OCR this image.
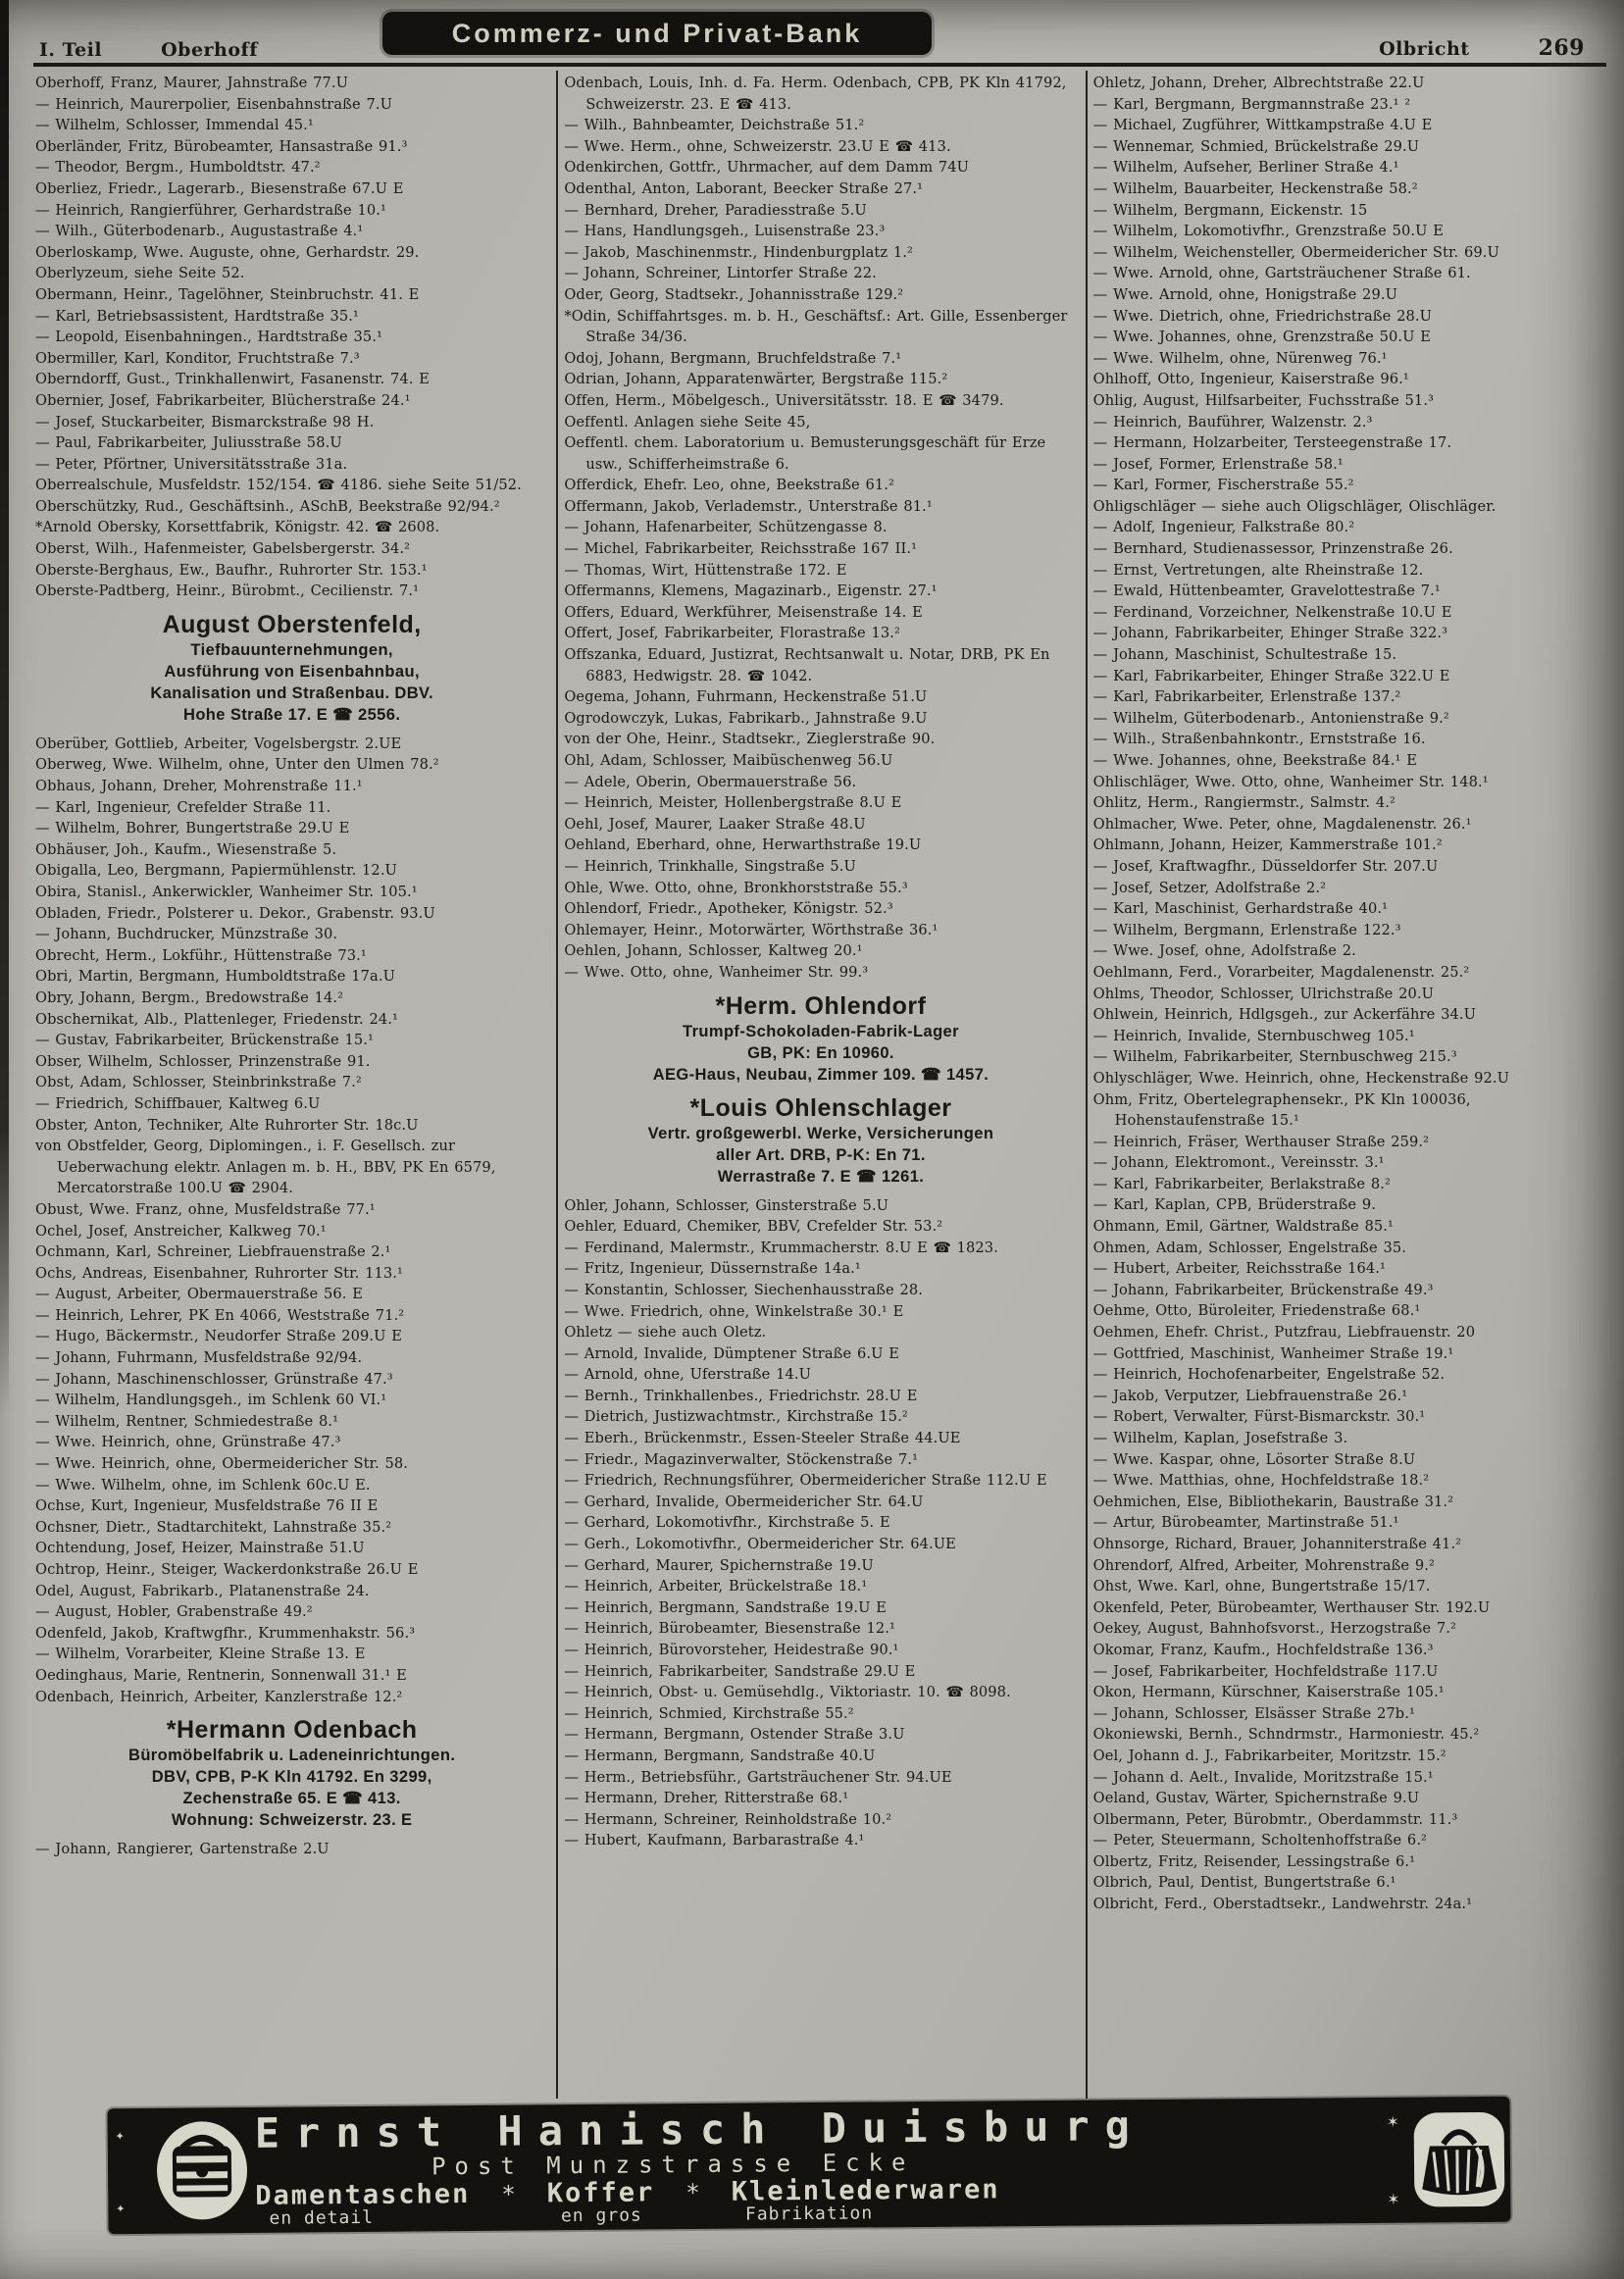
I. Teil	Oberhoff
Commerz- und Privat-Bank
Olbricht	269

Oberhoff, Franz, Maurer, Jahnstraße 77.U

— Heinrich, Maurerpolier, Eisenbahnstraße 7.U

— Wilhelm, Schlosser, Immendal 45.¹

Oberländer, Fritz, Bürobeamter, Hansastraße 91.³

— Theodor, Bergm., Humboldtstr. 47.²

Oberliez, Friedr., Lagerarb., Biesenstraße 67.U E

— Heinrich, Rangierführer, Gerhardstraße 10.¹

— Wilh., Güterbodenarb., Augustastraße 4.¹

Oberloskamp, Wwe. Auguste, ohne, Gerhardstr. 29.

Oberlyzeum, siehe Seite 52.

Obermann, Heinr., Tagelöhner, Steinbruchstr. 41. E

— Karl, Betriebsassistent, Hardtstraße 35.¹

— Leopold, Eisenbahningen., Hardtstraße 35.¹

Obermiller, Karl, Konditor, Fruchtstraße 7.³

Oberndorff, Gust., Trinkhallenwirt, Fasanenstr. 74. E

Obernier, Josef, Fabrikarbeiter, Blücherstraße 24.¹

— Josef, Stuckarbeiter, Bismarckstraße 98 H.

— Paul, Fabrikarbeiter, Juliusstraße 58.U

— Peter, Pförtner, Universitätsstraße 31a.

Oberrealschule, Musfeldstr. 152/154. ☎ 4186. siehe Seite 51/52.

Oberschützky, Rud., Geschäftsinh., ASchB, Beekstraße 92/94.²

*Arnold Obersky, Korsettfabrik, Königstr. 42. ☎ 2608.

Oberst, Wilh., Hafenmeister, Gabelsbergerstr. 34.²

Oberste-Berghaus, Ew., Baufhr., Ruhrorter Str. 153.¹

Oberste-Padtberg, Heinr., Bürobmt., Cecilienstr. 7.¹

August Oberstenfeld,
Tiefbauunternehmungen,
Ausführung von Eisenbahnbau,
Kanalisation und Straßenbau. DBV.
Hohe Straße 17. E ☎ 2556.

Oberüber, Gottlieb, Arbeiter, Vogelsbergstr. 2.UE

Oberweg, Wwe. Wilhelm, ohne, Unter den Ulmen 78.²

Obhaus, Johann, Dreher, Mohrenstraße 11.¹

— Karl, Ingenieur, Crefelder Straße 11.

— Wilhelm, Bohrer, Bungertstraße 29.U E

Obhäuser, Joh., Kaufm., Wiesenstraße 5.

Obigalla, Leo, Bergmann, Papiermühlenstr. 12.U

Obira, Stanisl., Ankerwickler, Wanheimer Str. 105.¹

Obladen, Friedr., Polsterer u. Dekor., Grabenstr. 93.U

— Johann, Buchdrucker, Münzstraße 30.

Obrecht, Herm., Lokführ., Hüttenstraße 73.¹

Obri, Martin, Bergmann, Humboldtstraße 17a.U

Obry, Johann, Bergm., Bredowstraße 14.²

Obschernikat, Alb., Plattenleger, Friedenstr. 24.¹

— Gustav, Fabrikarbeiter, Brückenstraße 15.¹

Obser, Wilhelm, Schlosser, Prinzenstraße 91.

Obst, Adam, Schlosser, Steinbrinkstraße 7.²

— Friedrich, Schiffbauer, Kaltweg 6.U

Obster, Anton, Techniker, Alte Ruhrorter Str. 18c.U

von Obstfelder, Georg, Diplomingen., i. F. Gesellsch. zur Ueberwachung elektr. Anlagen m. b. H., BBV, PK En 6579, Mercatorstraße 100.U ☎ 2904.

Obust, Wwe. Franz, ohne, Musfeldstraße 77.¹

Ochel, Josef, Anstreicher, Kalkweg 70.¹

Ochmann, Karl, Schreiner, Liebfrauenstraße 2.¹

Ochs, Andreas, Eisenbahner, Ruhrorter Str. 113.¹

— August, Arbeiter, Obermauerstraße 56. E

— Heinrich, Lehrer, PK En 4066, Weststraße 71.²

— Hugo, Bäckermstr., Neudorfer Straße 209.U E

— Johann, Fuhrmann, Musfeldstraße 92/94.

— Johann, Maschinenschlosser, Grünstraße 47.³

— Wilhelm, Handlungsgeh., im Schlenk 60 VI.¹

— Wilhelm, Rentner, Schmiedestraße 8.¹

— Wwe. Heinrich, ohne, Grünstraße 47.³

— Wwe. Heinrich, ohne, Obermeidericher Str. 58.

— Wwe. Wilhelm, ohne, im Schlenk 60c.U E.

Ochse, Kurt, Ingenieur, Musfeldstraße 76 II E

Ochsner, Dietr., Stadtarchitekt, Lahnstraße 35.²

Ochtendung, Josef, Heizer, Mainstraße 51.U

Ochtrop, Heinr., Steiger, Wackerdonkstraße 26.U E

Odel, August, Fabrikarb., Platanenstraße 24.

— August, Hobler, Grabenstraße 49.²

Odenfeld, Jakob, Kraftwgfhr., Krummenhakstr. 56.³

— Wilhelm, Vorarbeiter, Kleine Straße 13. E

Oedinghaus, Marie, Rentnerin, Sonnenwall 31.¹ E

Odenbach, Heinrich, Arbeiter, Kanzlerstraße 12.²

*Hermann Odenbach
Büromöbelfabrik u. Ladeneinrichtungen.
DBV, CPB, P-K Kln 41792. En 3299,
Zechenstraße 65. E ☎ 413.
Wohnung: Schweizerstr. 23. E

— Johann, Rangierer, Gartenstraße 2.U

Odenbach, Louis, Inh. d. Fa. Herm. Odenbach, CPB, PK Kln 41792, Schweizerstr. 23. E ☎ 413.

— Wilh., Bahnbeamter, Deichstraße 51.²

— Wwe. Herm., ohne, Schweizerstr. 23.U E ☎ 413.

Odenkirchen, Gottfr., Uhrmacher, auf dem Damm 74U

Odenthal, Anton, Laborant, Beecker Straße 27.¹

— Bernhard, Dreher, Paradiesstraße 5.U

— Hans, Handlungsgeh., Luisenstraße 23.³

— Jakob, Maschinenmstr., Hindenburgplatz 1.²

— Johann, Schreiner, Lintorfer Straße 22.

Oder, Georg, Stadtsekr., Johannisstraße 129.²

*Odin, Schiffahrtsges. m. b. H., Geschäftsf.: Art. Gille, Essenberger Straße 34/36.

Odoj, Johann, Bergmann, Bruchfeldstraße 7.¹

Odrian, Johann, Apparatenwärter, Bergstraße 115.²

Offen, Herm., Möbelgesch., Universitätsstr. 18. E ☎ 3479.

Oeffentl. Anlagen siehe Seite 45,

Oeffentl. chem. Laboratorium u. Bemusterungsgeschäft für Erze usw., Schifferheimstraße 6.

Offerdick, Ehefr. Leo, ohne, Beekstraße 61.²

Offermann, Jakob, Verlademstr., Unterstraße 81.¹

— Johann, Hafenarbeiter, Schützengasse 8.

— Michel, Fabrikarbeiter, Reichsstraße 167 II.¹

— Thomas, Wirt, Hüttenstraße 172. E

Offermanns, Klemens, Magazinarb., Eigenstr. 27.¹

Offers, Eduard, Werkführer, Meisenstraße 14. E

Offert, Josef, Fabrikarbeiter, Florastraße 13.²

Offszanka, Eduard, Justizrat, Rechtsanwalt u. Notar, DRB, PK En 6883, Hedwigstr. 28. ☎ 1042.

Oegema, Johann, Fuhrmann, Heckenstraße 51.U

Ogrodowczyk, Lukas, Fabrikarb., Jahnstraße 9.U

von der Ohe, Heinr., Stadtsekr., Zieglerstraße 90.

Ohl, Adam, Schlosser, Maibüschenweg 56.U

— Adele, Oberin, Obermauerstraße 56.

— Heinrich, Meister, Hollenbergstraße 8.U E

Oehl, Josef, Maurer, Laaker Straße 48.U

Oehland, Eberhard, ohne, Herwarthstraße 19.U

— Heinrich, Trinkhalle, Singstraße 5.U

Ohle, Wwe. Otto, ohne, Bronkhorststraße 55.³

Ohlendorf, Friedr., Apotheker, Königstr. 52.³

Ohlemayer, Heinr., Motorwärter, Wörthstraße 36.¹

Oehlen, Johann, Schlosser, Kaltweg 20.¹

— Wwe. Otto, ohne, Wanheimer Str. 99.³

*Herm. Ohlendorf
Trumpf-Schokoladen-Fabrik-Lager
GB, PK: En 10960.
AEG-Haus, Neubau, Zimmer 109. ☎ 1457.
*Louis Ohlenschlager
Vertr. großgewerbl. Werke, Versicherungen
aller Art. DRB, P-K: En 71.
Werrastraße 7. E ☎ 1261.

Ohler, Johann, Schlosser, Ginsterstraße 5.U

Oehler, Eduard, Chemiker, BBV, Crefelder Str. 53.²

— Ferdinand, Malermstr., Krummacherstr. 8.U E ☎ 1823.

— Fritz, Ingenieur, Düssernstraße 14a.¹

— Konstantin, Schlosser, Siechenhausstraße 28.

— Wwe. Friedrich, ohne, Winkelstraße 30.¹ E

Ohletz — siehe auch Oletz.

— Arnold, Invalide, Dümptener Straße 6.U E

— Arnold, ohne, Uferstraße 14.U

— Bernh., Trinkhallenbes., Friedrichstr. 28.U E

— Dietrich, Justizwachtmstr., Kirchstraße 15.²

— Eberh., Brückenmstr., Essen-Steeler Straße 44.UE

— Friedr., Magazinverwalter, Stöckenstraße 7.¹

— Friedrich, Rechnungsführer, Obermeidericher Straße 112.U E

— Gerhard, Invalide, Obermeidericher Str. 64.U

— Gerhard, Lokomotivfhr., Kirchstraße 5. E

— Gerh., Lokomotivfhr., Obermeidericher Str. 64.UE

— Gerhard, Maurer, Spichernstraße 19.U

— Heinrich, Arbeiter, Brückelstraße 18.¹

— Heinrich, Bergmann, Sandstraße 19.U E

— Heinrich, Bürobeamter, Biesenstraße 12.¹

— Heinrich, Bürovorsteher, Heidestraße 90.¹

— Heinrich, Fabrikarbeiter, Sandstraße 29.U E

— Heinrich, Obst- u. Gemüsehdlg., Viktoriastr. 10. ☎ 8098.

— Heinrich, Schmied, Kirchstraße 55.²

— Hermann, Bergmann, Ostender Straße 3.U

— Hermann, Bergmann, Sandstraße 40.U

— Herm., Betriebsführ., Gartsträuchener Str. 94.UE

— Hermann, Dreher, Ritterstraße 68.¹

— Hermann, Schreiner, Reinholdstraße 10.²

— Hubert, Kaufmann, Barbarastraße 4.¹

Ohletz, Johann, Dreher, Albrechtstraße 22.U

— Karl, Bergmann, Bergmannstraße 23.¹ ²

— Michael, Zugführer, Wittkampstraße 4.U E

— Wennemar, Schmied, Brückelstraße 29.U

— Wilhelm, Aufseher, Berliner Straße 4.¹

— Wilhelm, Bauarbeiter, Heckenstraße 58.²

— Wilhelm, Bergmann, Eickenstr. 15

— Wilhelm, Lokomotivfhr., Grenzstraße 50.U E

— Wilhelm, Weichensteller, Obermeidericher Str. 69.U

— Wwe. Arnold, ohne, Gartsträuchener Straße 61.

— Wwe. Arnold, ohne, Honigstraße 29.U

— Wwe. Dietrich, ohne, Friedrichstraße 28.U

— Wwe. Johannes, ohne, Grenzstraße 50.U E

— Wwe. Wilhelm, ohne, Nürenweg 76.¹

Ohlhoff, Otto, Ingenieur, Kaiserstraße 96.¹

Ohlig, August, Hilfsarbeiter, Fuchsstraße 51.³

— Heinrich, Bauführer, Walzenstr. 2.³

— Hermann, Holzarbeiter, Tersteegenstraße 17.

— Josef, Former, Erlenstraße 58.¹

— Karl, Former, Fischerstraße 55.²

Ohligschläger — siehe auch Oligschläger, Olischläger.

— Adolf, Ingenieur, Falkstraße 80.²

— Bernhard, Studienassessor, Prinzenstraße 26.

— Ernst, Vertretungen, alte Rheinstraße 12.

— Ewald, Hüttenbeamter, Gravelottestraße 7.¹

— Ferdinand, Vorzeichner, Nelkenstraße 10.U E

— Johann, Fabrikarbeiter, Ehinger Straße 322.³

— Johann, Maschinist, Schultestraße 15.

— Karl, Fabrikarbeiter, Ehinger Straße 322.U E

— Karl, Fabrikarbeiter, Erlenstraße 137.²

— Wilhelm, Güterbodenarb., Antonienstraße 9.²

— Wilh., Straßenbahnkontr., Ernststraße 16.

— Wwe. Johannes, ohne, Beekstraße 84.¹ E

Ohlischläger, Wwe. Otto, ohne, Wanheimer Str. 148.¹

Ohlitz, Herm., Rangiermstr., Salmstr. 4.²

Ohlmacher, Wwe. Peter, ohne, Magdalenenstr. 26.¹

Ohlmann, Johann, Heizer, Kammerstraße 101.²

— Josef, Kraftwagfhr., Düsseldorfer Str. 207.U

— Josef, Setzer, Adolfstraße 2.²

— Karl, Maschinist, Gerhardstraße 40.¹

— Wilhelm, Bergmann, Erlenstraße 122.³

— Wwe. Josef, ohne, Adolfstraße 2.

Oehlmann, Ferd., Vorarbeiter, Magdalenenstr. 25.²

Ohlms, Theodor, Schlosser, Ulrichstraße 20.U

Ohlwein, Heinrich, Hdlgsgeh., zur Ackerfähre 34.U

— Heinrich, Invalide, Sternbuschweg 105.¹

— Wilhelm, Fabrikarbeiter, Sternbuschweg 215.³

Ohlyschläger, Wwe. Heinrich, ohne, Heckenstraße 92.U

Ohm, Fritz, Obertelegraphensekr., PK Kln 100036, Hohenstaufenstraße 15.¹

— Heinrich, Fräser, Werthauser Straße 259.²

— Johann, Elektromont., Vereinsstr. 3.¹

— Karl, Fabrikarbeiter, Berlakstraße 8.²

— Karl, Kaplan, CPB, Brüderstraße 9.

Ohmann, Emil, Gärtner, Waldstraße 85.¹

Ohmen, Adam, Schlosser, Engelstraße 35.

— Hubert, Arbeiter, Reichsstraße 164.¹

— Johann, Fabrikarbeiter, Brückenstraße 49.³

Oehme, Otto, Büroleiter, Friedenstraße 68.¹

Oehmen, Ehefr. Christ., Putzfrau, Liebfrauenstr. 20

— Gottfried, Maschinist, Wanheimer Straße 19.¹

— Heinrich, Hochofenarbeiter, Engelstraße 52.

— Jakob, Verputzer, Liebfrauenstraße 26.¹

— Robert, Verwalter, Fürst-Bismarckstr. 30.¹

— Wilhelm, Kaplan, Josefstraße 3.

— Wwe. Kaspar, ohne, Lösorter Straße 8.U

— Wwe. Matthias, ohne, Hochfeldstraße 18.²

Oehmichen, Else, Bibliothekarin, Baustraße 31.²

— Artur, Bürobeamter, Martinstraße 51.¹

Ohnsorge, Richard, Brauer, Johanniterstraße 41.²

Ohrendorf, Alfred, Arbeiter, Mohrenstraße 9.²

Ohst, Wwe. Karl, ohne, Bungertstraße 15/17.

Okenfeld, Peter, Bürobeamter, Werthauser Str. 192.U

Oekey, August, Bahnhofsvorst., Herzogstraße 7.²

Okomar, Franz, Kaufm., Hochfeldstraße 136.³

— Josef, Fabrikarbeiter, Hochfeldstraße 117.U

Okon, Hermann, Kürschner, Kaiserstraße 105.¹

— Johann, Schlosser, Elsässer Straße 27b.¹

Okoniewski, Bernh., Schndrmstr., Harmoniestr. 45.²

Oel, Johann d. J., Fabrikarbeiter, Moritzstr. 15.²

— Johann d. Aelt., Invalide, Moritzstraße 15.¹

Oeland, Gustav, Wärter, Spichernstraße 9.U

Olbermann, Peter, Bürobmtr., Oberdammstr. 11.³

— Peter, Steuermann, Scholtenhoffstraße 6.²

Olbertz, Fritz, Reisender, Lessingstraße 6.¹

Olbrich, Paul, Dentist, Bungertstraße 6.¹

Olbricht, Ferd., Oberstadtsekr., Landwehrstr. 24a.¹

✦
✦
Ernst Hanisch Duisburg
Post Munzstrasse Ecke
Damentaschen
en detail
* Koffer
en gros
* Kleinlederwaren
Fabrikation
✶
✶
